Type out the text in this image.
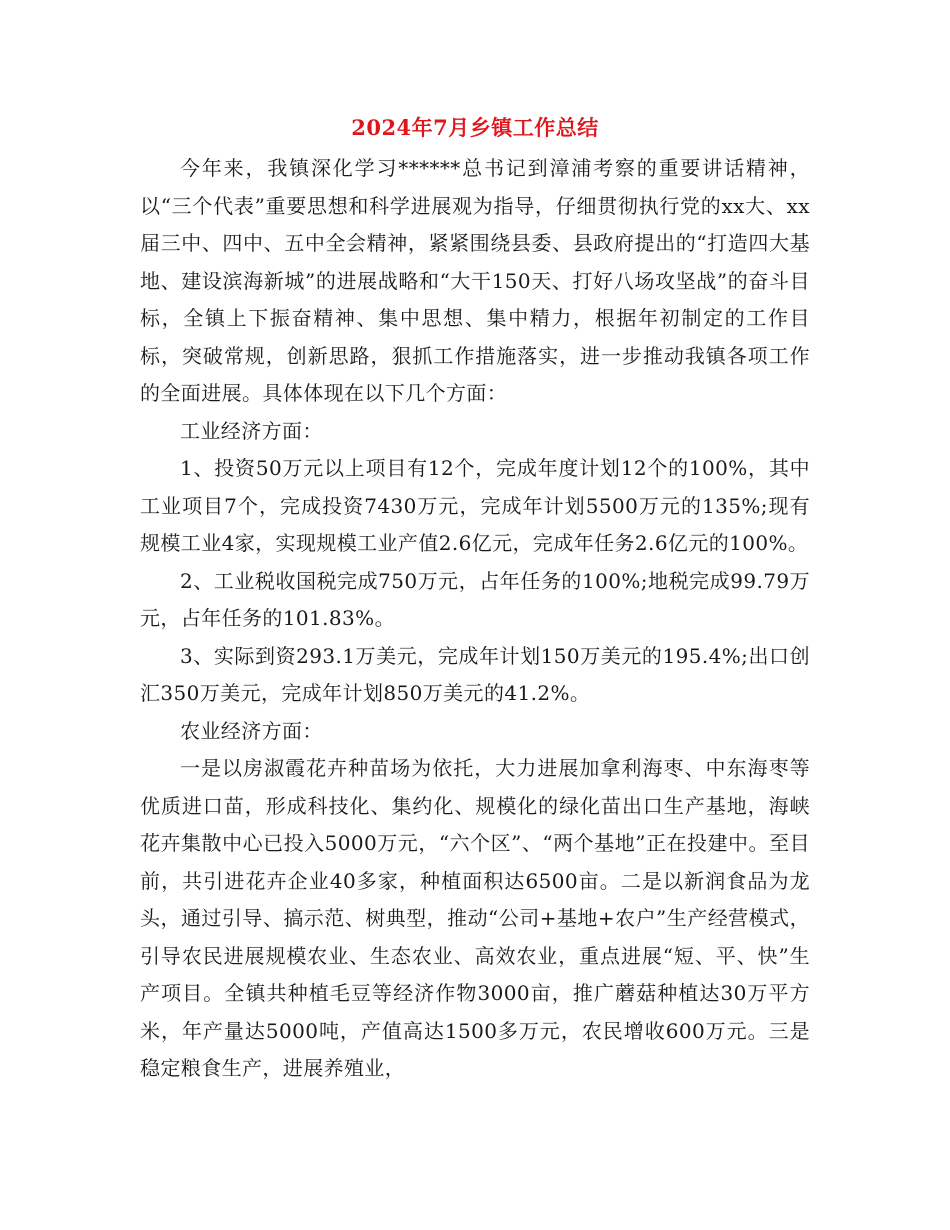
2024年7月乡镇工作总结

今年来，我镇深化学习******总书记到漳浦考察的重要讲话精神，以“三个代表”重要思想和科学进展观为指导，仔细贯彻执行党的xx大、xx届三中、四中、五中全会精神，紧紧围绕县委、县政府提出的“打造四大基地、建设滨海新城”的进展战略和“大干150天、打好八场攻坚战”的奋斗目标，全镇上下振奋精神、集中思想、集中精力，根据年初制定的工作目标，突破常规，创新思路，狠抓工作措施落实，进一步推动我镇各项工作的全面进展。具体体现在以下几个方面：

工业经济方面：

1、投资50万元以上项目有12个，完成年度计划12个的100%，其中工业项目7个，完成投资7430万元，完成年计划5500万元的135%;现有规模工业4家，实现规模工业产值2.6亿元，完成年任务2.6亿元的100%。

2、工业税收国税完成750万元，占年任务的100%;地税完成99.79万元，占年任务的101.83%。

3、实际到资293.1万美元，完成年计划150万美元的195.4%;出口创汇350万美元，完成年计划850万美元的41.2%。

农业经济方面：

一是以房淑霞花卉种苗场为依托，大力进展加拿利海枣、中东海枣等优质进口苗，形成科技化、集约化、规模化的绿化苗出口生产基地，海峡花卉集散中心已投入5000万元，“六个区”、“两个基地”正在投建中。至目前，共引进花卉企业40多家，种植面积达6500亩。二是以新润食品为龙头，通过引导、搞示范、树典型，推动“公司+基地+农户”生产经营模式，引导农民进展规模农业、生态农业、高效农业，重点进展“短、平、快”生产项目。全镇共种植毛豆等经济作物3000亩，推广蘑菇种植达30万平方米，年产量达5000吨，产值高达1500多万元，农民增收600万元。三是稳定粮食生产，进展养殖业，
